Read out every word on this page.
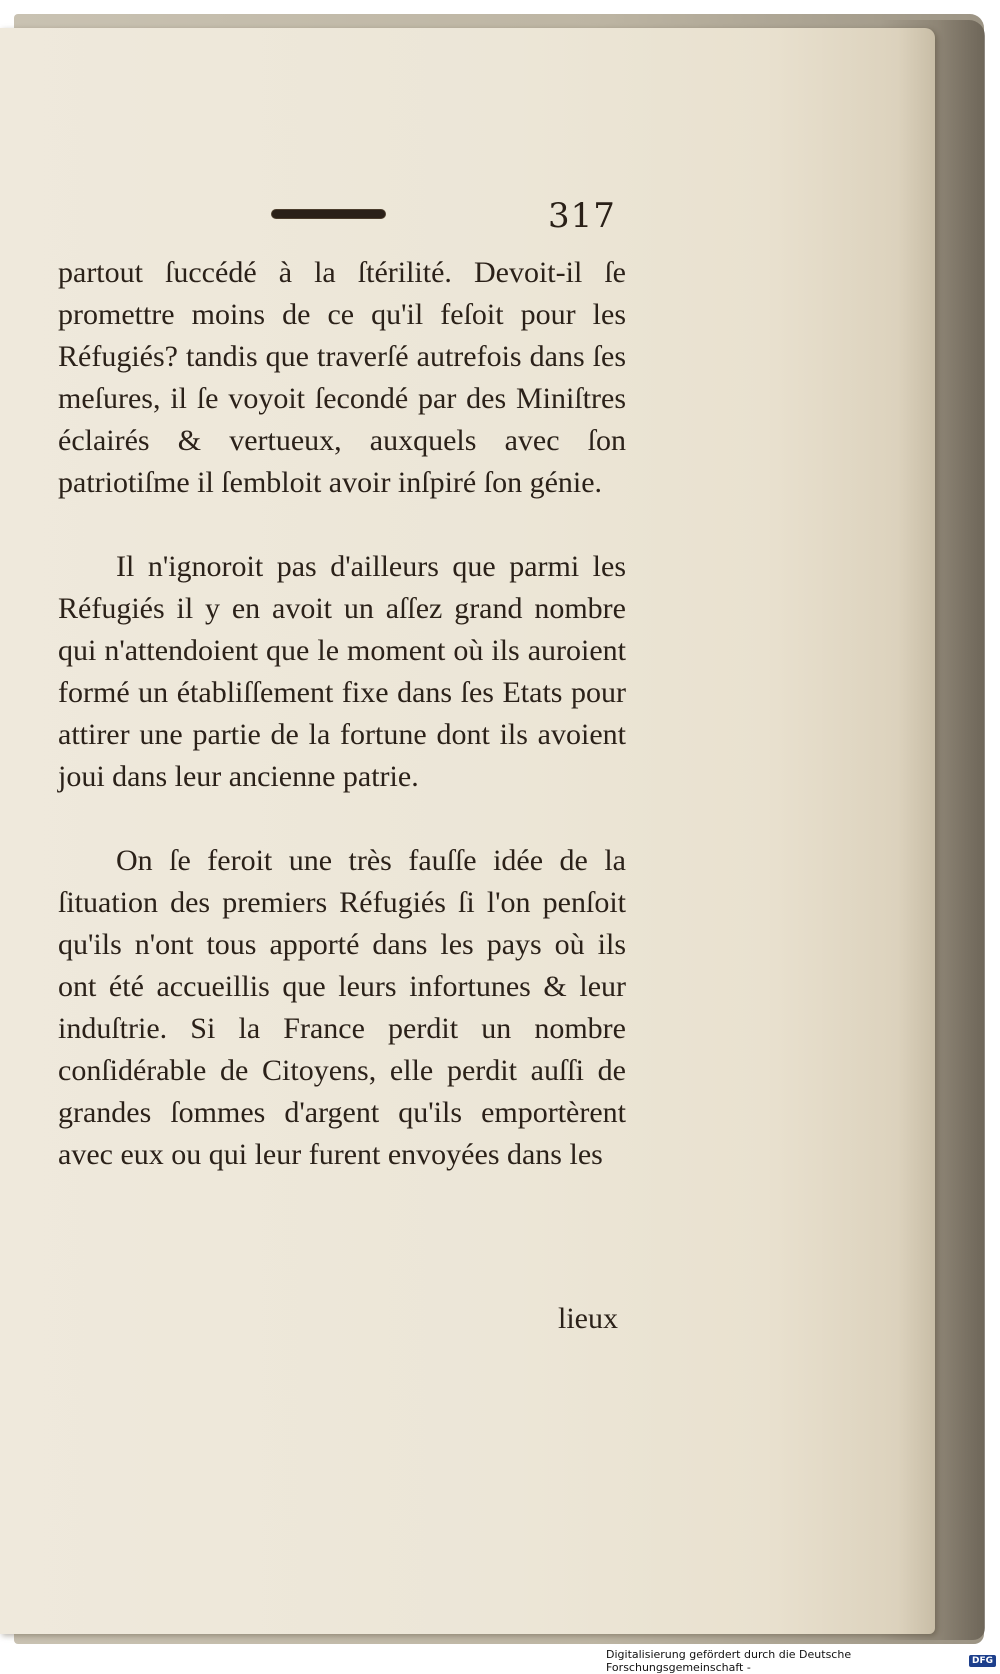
317

partout ſuccédé à la ſtérilité. Devoit-il ſe promettre moins de ce qu'il feſoit pour les Réfugiés? tandis que traverſé autrefois dans ſes meſures, il ſe voyoit ſecondé par des Miniſtres éclairés & vertueux, auxquels avec ſon patriotiſme il ſembloit avoir inſpiré ſon génie.

Il n'ignoroit pas d'ailleurs que parmi les Réfugiés il y en avoit un aſſez grand nombre qui n'attendoient que le moment où ils auroient formé un établiſſement fixe dans ſes Etats pour attirer une partie de la fortune dont ils avoient joui dans leur ancienne patrie.

On ſe feroit une très fauſſe idée de la ſituation des premiers Réfugiés ſi l'on penſoit qu'ils n'ont tous apporté dans les pays où ils ont été accueillis que leurs infortunes & leur induſtrie. Si la France perdit un nombre conſidérable de Citoyens, elle perdit auſſi de grandes ſommes d'argent qu'ils emportèrent avec eux ou qui leur furent envoyées dans les

lieux
Digitalisierung gefördert durch die Deutsche Forschungsgemeinschaft -	DFG
